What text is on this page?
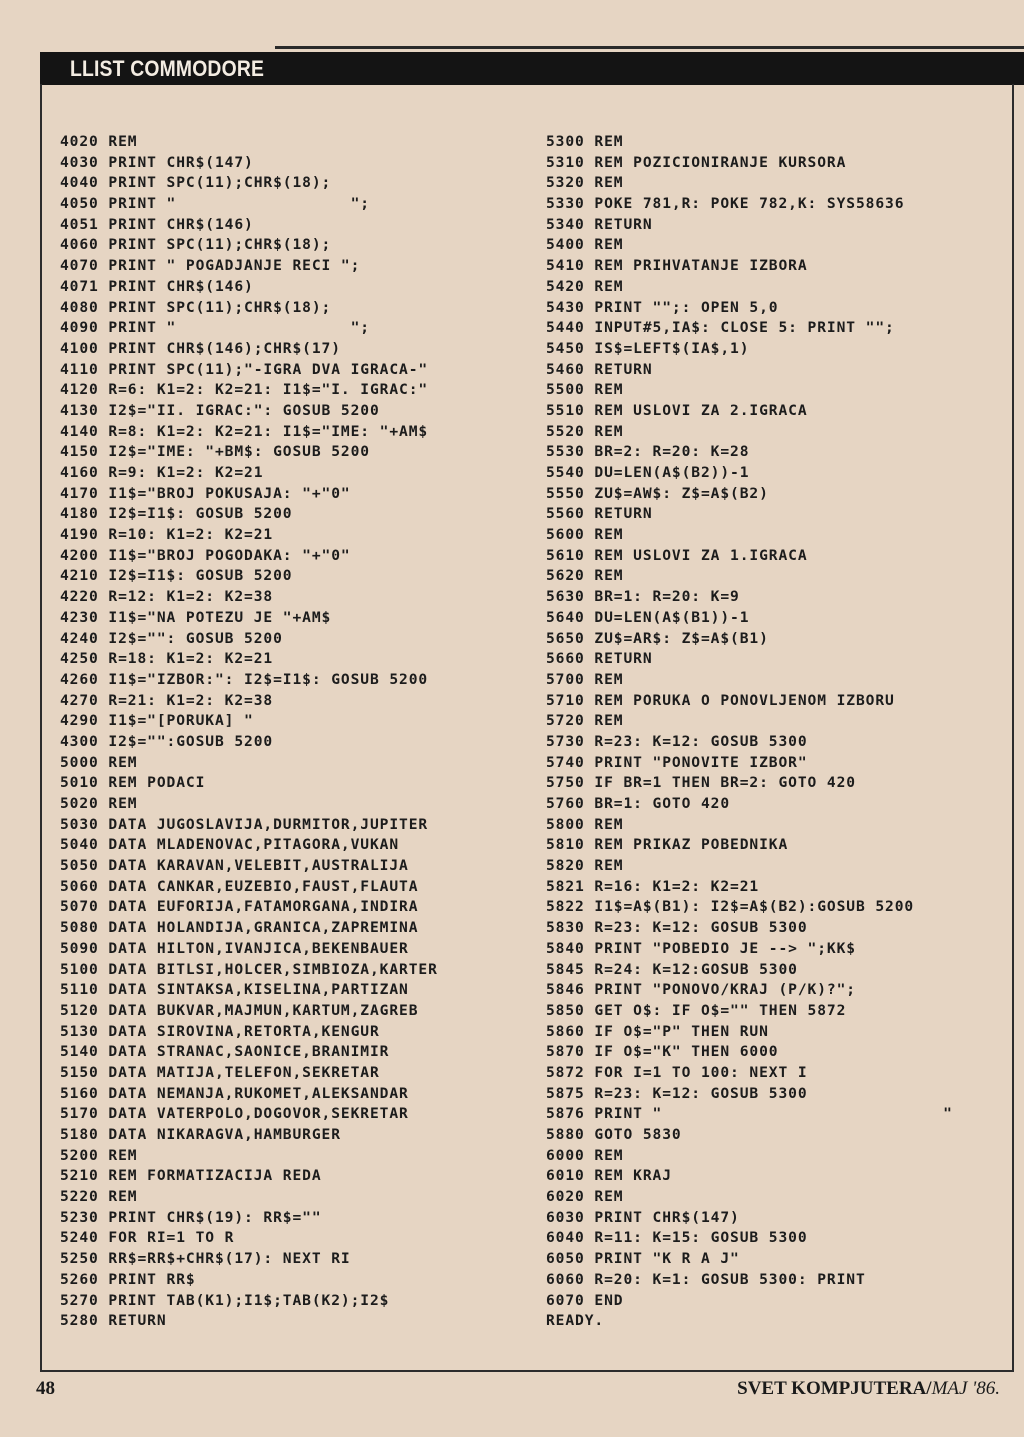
LLIST COMMODORE
4020 REM
4030 PRINT CHR$(147)
4040 PRINT SPC(11);CHR$(18);
4050 PRINT "                  ";
4051 PRINT CHR$(146)
4060 PRINT SPC(11);CHR$(18);
4070 PRINT " POGADJANJE RECI ";
4071 PRINT CHR$(146)
4080 PRINT SPC(11);CHR$(18);
4090 PRINT "                  ";
4100 PRINT CHR$(146);CHR$(17)
4110 PRINT SPC(11);"-IGRA DVA IGRACA-"
4120 R=6: K1=2: K2=21: I1$="I. IGRAC:"
4130 I2$="II. IGRAC:": GOSUB 5200
4140 R=8: K1=2: K2=21: I1$="IME: "+AM$
4150 I2$="IME: "+BM$: GOSUB 5200
4160 R=9: K1=2: K2=21
4170 I1$="BROJ POKUSAJA: "+"0"
4180 I2$=I1$: GOSUB 5200
4190 R=10: K1=2: K2=21
4200 I1$="BROJ POGODAKA: "+"0"
4210 I2$=I1$: GOSUB 5200
4220 R=12: K1=2: K2=38
4230 I1$="NA POTEZU JE "+AM$
4240 I2$="": GOSUB 5200
4250 R=18: K1=2: K2=21
4260 I1$="IZBOR:": I2$=I1$: GOSUB 5200
4270 R=21: K1=2: K2=38
4290 I1$="[PORUKA] "
4300 I2$="":GOSUB 5200
5000 REM
5010 REM PODACI
5020 REM
5030 DATA JUGOSLAVIJA,DURMITOR,JUPITER
5040 DATA MLADENOVAC,PITAGORA,VUKAN
5050 DATA KARAVAN,VELEBIT,AUSTRALIJA
5060 DATA CANKAR,EUZEBIO,FAUST,FLAUTA
5070 DATA EUFORIJA,FATAMORGANA,INDIRA
5080 DATA HOLANDIJA,GRANICA,ZAPREMINA
5090 DATA HILTON,IVANJICA,BEKENBAUER
5100 DATA BITLSI,HOLCER,SIMBIOZA,KARTER
5110 DATA SINTAKSA,KISELINA,PARTIZAN
5120 DATA BUKVAR,MAJMUN,KARTUM,ZAGREB
5130 DATA SIROVINA,RETORTA,KENGUR
5140 DATA STRANAC,SAONICE,BRANIMIR
5150 DATA MATIJA,TELEFON,SEKRETAR
5160 DATA NEMANJA,RUKOMET,ALEKSANDAR
5170 DATA VATERPOLO,DOGOVOR,SEKRETAR
5180 DATA NIKARAGVA,HAMBURGER
5200 REM
5210 REM FORMATIZACIJA REDA
5220 REM
5230 PRINT CHR$(19): RR$=""
5240 FOR RI=1 TO R
5250 RR$=RR$+CHR$(17): NEXT RI
5260 PRINT RR$
5270 PRINT TAB(K1);I1$;TAB(K2);I2$
5280 RETURN
5300 REM
5310 REM POZICIONIRANJE KURSORA
5320 REM
5330 POKE 781,R: POKE 782,K: SYS58636
5340 RETURN
5400 REM
5410 REM PRIHVATANJE IZBORA
5420 REM
5430 PRINT "";: OPEN 5,0
5440 INPUT#5,IA$: CLOSE 5: PRINT "";
5450 IS$=LEFT$(IA$,1)
5460 RETURN
5500 REM
5510 REM USLOVI ZA 2.IGRACA
5520 REM
5530 BR=2: R=20: K=28
5540 DU=LEN(A$(B2))-1
5550 ZU$=AW$: Z$=A$(B2)
5560 RETURN
5600 REM
5610 REM USLOVI ZA 1.IGRACA
5620 REM
5630 BR=1: R=20: K=9
5640 DU=LEN(A$(B1))-1
5650 ZU$=AR$: Z$=A$(B1)
5660 RETURN
5700 REM
5710 REM PORUKA O PONOVLJENOM IZBORU
5720 REM
5730 R=23: K=12: GOSUB 5300
5740 PRINT "PONOVITE IZBOR"
5750 IF BR=1 THEN BR=2: GOTO 420
5760 BR=1: GOTO 420
5800 REM
5810 REM PRIKAZ POBEDNIKA
5820 REM
5821 R=16: K1=2: K2=21
5822 I1$=A$(B1): I2$=A$(B2):GOSUB 5200
5830 R=23: K=12: GOSUB 5300
5840 PRINT "POBEDIO JE --> ";KK$
5845 R=24: K=12:GOSUB 5300
5846 PRINT "PONOVO/KRAJ (P/K)?";
5850 GET O$: IF O$="" THEN 5872
5860 IF O$="P" THEN RUN
5870 IF O$="K" THEN 6000
5872 FOR I=1 TO 100: NEXT I
5875 R=23: K=12: GOSUB 5300
5876 PRINT "                             "
5880 GOTO 5830
6000 REM
6010 REM KRAJ
6020 REM
6030 PRINT CHR$(147)
6040 R=11: K=15: GOSUB 5300
6050 PRINT "K R A J"
6060 R=20: K=1: GOSUB 5300: PRINT
6070 END
READY.
48	SVET KOMPJUTERA/MAJ '86.
